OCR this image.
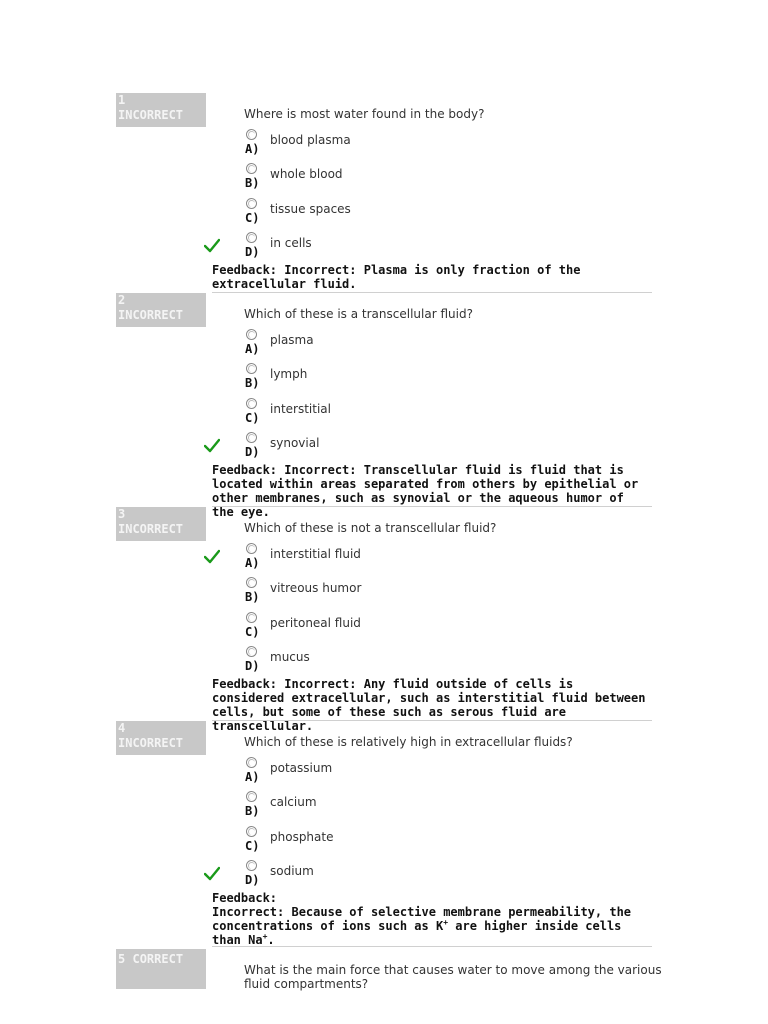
1
INCORRECT	Where is most water found in the body?
A)
blood plasma
B)
whole blood
C)
tissue spaces
D)
in cells
Feedback: Incorrect: Plasma is only fraction of the extracellular fluid.
2
INCORRECT	Which of these is a transcellular fluid?
A)
plasma
B)
lymph
C)
interstitial
D)
synovial
Feedback: Incorrect: Transcellular fluid is fluid that is located within areas separated from others by epithelial or other membranes, such as synovial or the aqueous humor of the eye.
3
INCORRECT	Which of these is not a transcellular fluid?
A)
interstitial fluid
B)
vitreous humor
C)
peritoneal fluid
D)
mucus
Feedback: Incorrect: Any fluid outside of cells is considered extracellular, such as interstitial fluid between cells, but some of these such as serous fluid are transcellular.
4
INCORRECT	Which of these is relatively high in extracellular fluids?
A)
potassium
B)
calcium
C)
phosphate
D)
sodium
Feedback:
Incorrect: Because of selective membrane permeability, the concentrations of ions such as K+ are higher inside cells than Na+.
5 CORRECT
What is the main force that causes water to move among the various fluid compartments?
